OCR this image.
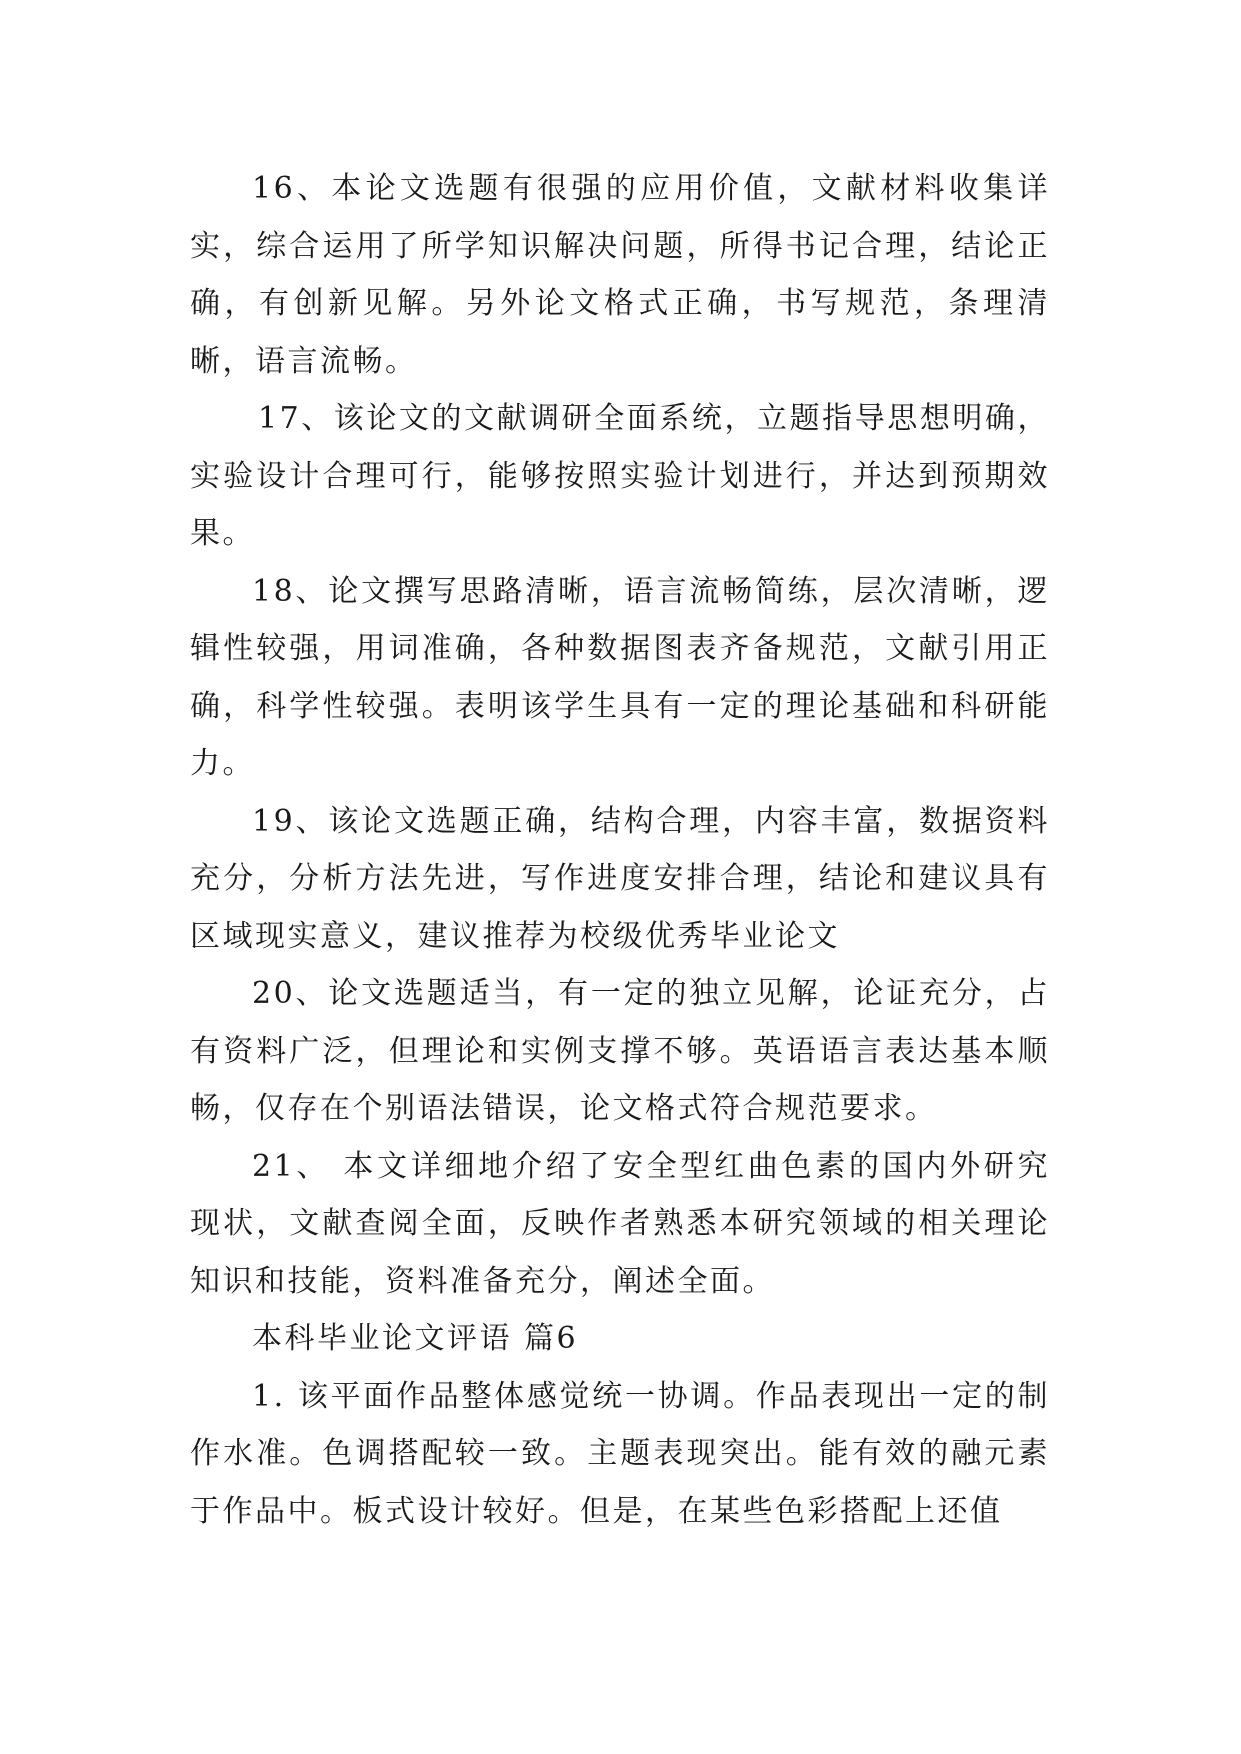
16、本论文选题有很强的应用价值，文献材料收集详实，综合运用了所学知识解决问题，所得书记合理，结论正确，有创新见解。另外论文格式正确，书写规范，条理清晰，语言流畅。

17、该论文的文献调研全面系统，立题指导思想明确，实验设计合理可行，能够按照实验计划进行，并达到预期效果。

18、论文撰写思路清晰，语言流畅简练，层次清晰，逻辑性较强，用词准确，各种数据图表齐备规范，文献引用正确，科学性较强。表明该学生具有一定的理论基础和科研能力。

19、该论文选题正确，结构合理，内容丰富，数据资料充分，分析方法先进，写作进度安排合理，结论和建议具有区域现实意义，建议推荐为校级优秀毕业论文

20、论文选题适当，有一定的独立见解，论证充分，占有资料广泛，但理论和实例支撑不够。英语语言表达基本顺畅，仅存在个别语法错误，论文格式符合规范要求。

21、 本文详细地介绍了安全型红曲色素的国内外研究现状，文献查阅全面，反映作者熟悉本研究领域的相关理论知识和技能，资料准备充分，阐述全面。

本科毕业论文评语 篇6

1. 该平面作品整体感觉统一协调。作品表现出一定的制作水准。色调搭配较一致。主题表现突出。能有效的融元素于作品中。板式设计较好。但是，在某些色彩搭配上还值
